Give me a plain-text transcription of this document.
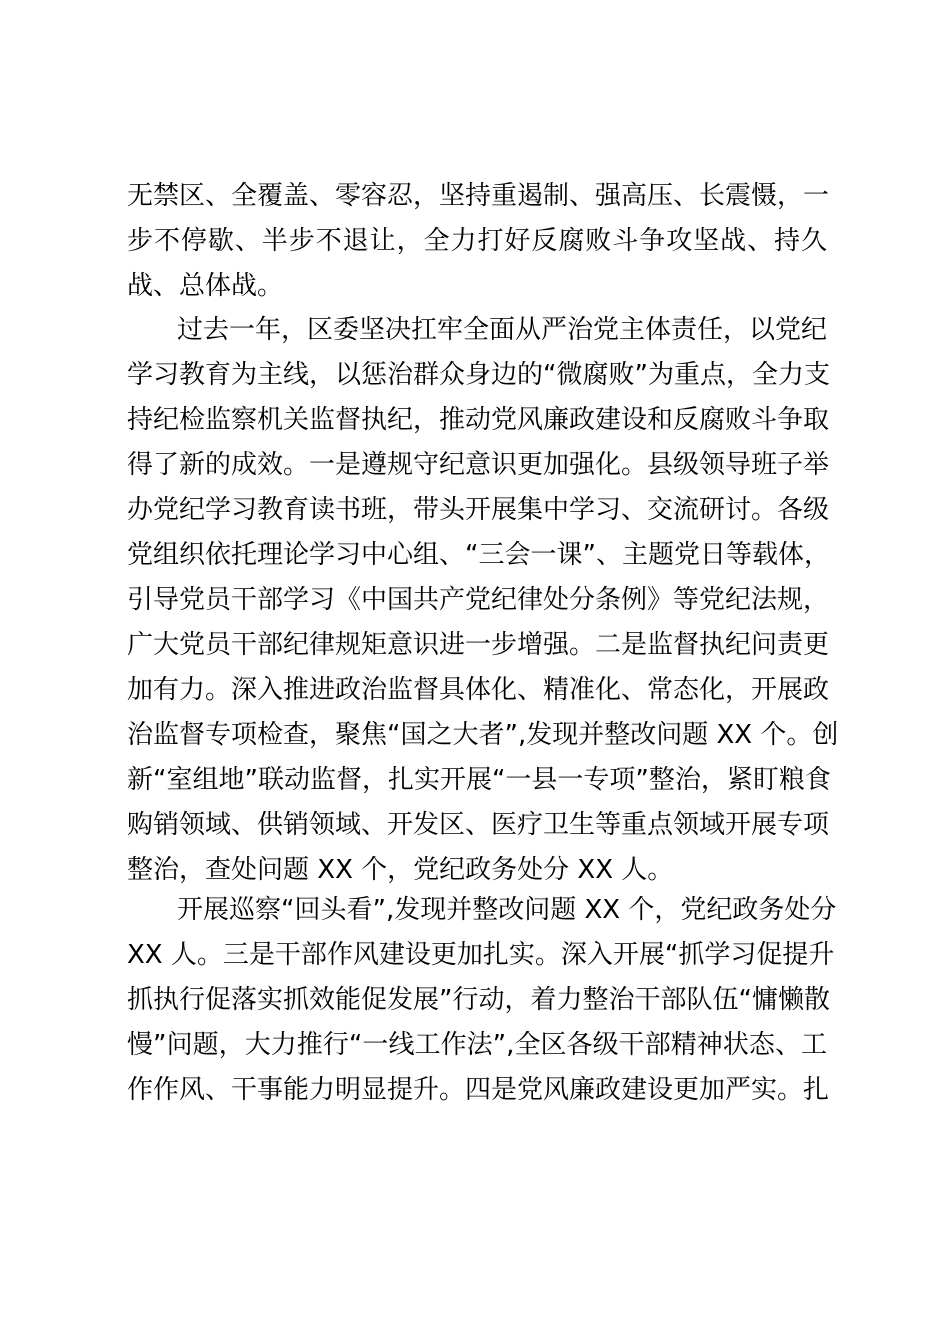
无禁区、全覆盖、零容忍，坚持重遏制、强高压、长震慑，一
步不停歇、半步不退让，全力打好反腐败斗争攻坚战、持久
战、总体战。
过去一年，区委坚决扛牢全面从严治党主体责任，以党纪
学习教育为主线，以惩治群众身边的“微腐败”为重点，全力支
持纪检监察机关监督执纪，推动党风廉政建设和反腐败斗争取
得了新的成效。一是遵规守纪意识更加强化。县级领导班子举
办党纪学习教育读书班，带头开展集中学习、交流研讨。各级
党组织依托理论学习中心组、“三会一课”、主题党日等载体，
引导党员干部学习《中国共产党纪律处分条例》等党纪法规，
广大党员干部纪律规矩意识进一步增强。二是监督执纪问责更
加有力。深入推进政治监督具体化、精准化、常态化，开展政
治监督专项检查，聚焦“国之大者”,发现并整改问题 XX 个。创
新“室组地”联动监督，扎实开展“一县一专项”整治，紧盯粮食
购销领域、供销领域、开发区、医疗卫生等重点领域开展专项
整治，查处问题 XX 个，党纪政务处分 XX 人。
开展巡察“回头看”,发现并整改问题 XX 个，党纪政务处分
XX 人。三是干部作风建设更加扎实。深入开展“抓学习促提升
抓执行促落实抓效能促发展”行动，着力整治干部队伍“慵懒散
慢”问题，大力推行“一线工作法”,全区各级干部精神状态、工
作作风、干事能力明显提升。四是党风廉政建设更加严实。扎
